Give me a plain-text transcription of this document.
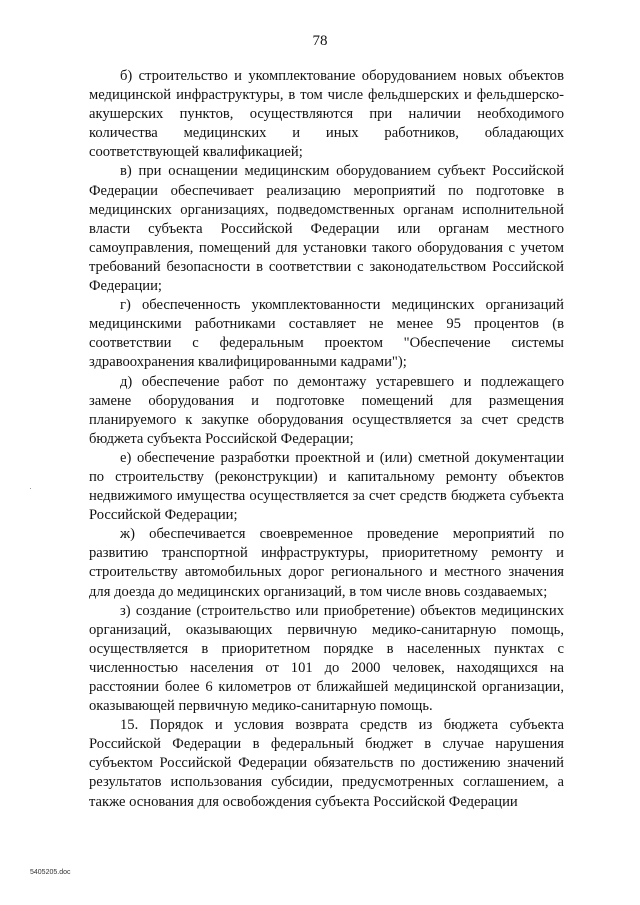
78

б) строительство и укомплектование оборудованием новых объектов медицинской инфраструктуры, в том числе фельдшерских и фельдшерско-акушерских пунктов, осуществляются при наличии необходимого количества медицинских и иных работников, обладающих соответствующей квалификацией;

в) при оснащении медицинским оборудованием субъект Российской Федерации обеспечивает реализацию мероприятий по подготовке в медицинских организациях, подведомственных органам исполнительной власти субъекта Российской Федерации или органам местного самоуправления, помещений для установки такого оборудования с учетом требований безопасности в соответствии с законодательством Российской Федерации;

г) обеспеченность укомплектованности медицинских организаций медицинскими работниками составляет не менее 95 процентов (в соответствии с федеральным проектом "Обеспечение системы здравоохранения квалифицированными кадрами");

д) обеспечение работ по демонтажу устаревшего и подлежащего замене оборудования и подготовке помещений для размещения планируемого к закупке оборудования осуществляется за счет средств бюджета субъекта Российской Федерации;

е) обеспечение разработки проектной и (или) сметной документации по строительству (реконструкции) и капитальному ремонту объектов недвижимого имущества осуществляется за счет средств бюджета субъекта Российской Федерации;

ж) обеспечивается своевременное проведение мероприятий по развитию транспортной инфраструктуры, приоритетному ремонту и строительству автомобильных дорог регионального и местного значения для доезда до медицинских организаций, в том числе вновь создаваемых;

з) создание (строительство или приобретение) объектов медицинских организаций, оказывающих первичную медико-санитарную помощь, осуществляется в приоритетном порядке в населенных пунктах с численностью населения от 101 до 2000 человек, находящихся на расстоянии более 6 километров от ближайшей медицинской организации, оказывающей первичную медико-санитарную помощь.

15. Порядок и условия возврата средств из бюджета субъекта Российской Федерации в федеральный бюджет в случае нарушения субъектом Российской Федерации обязательств по достижению значений результатов использования субсидии, предусмотренных соглашением, а также основания для освобождения субъекта Российской Федерации

5405205.doc
